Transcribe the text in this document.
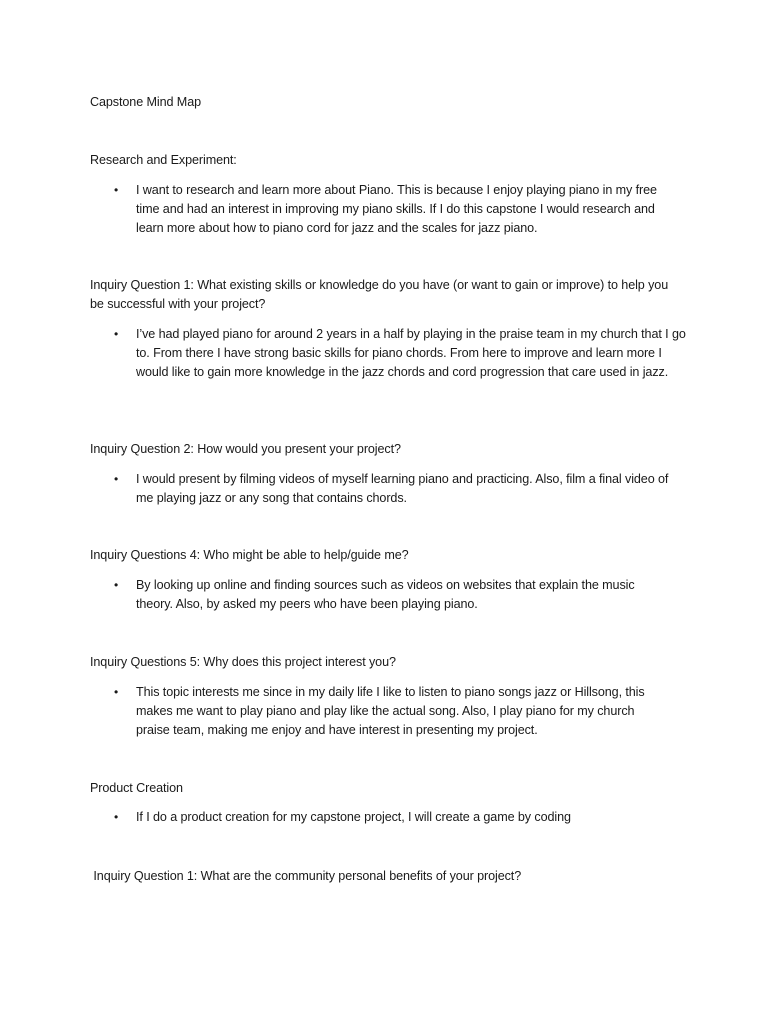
Capstone Mind Map
Research and Experiment:
• I want to research and learn more about Piano. This is because I enjoy playing piano in my free time and had an interest in improving my piano skills. If I do this capstone I would research and learn more about how to piano cord for jazz and the scales for jazz piano.
Inquiry Question 1: What existing skills or knowledge do you have (or want to gain or improve) to help you be successful with your project?
• I’ve had played piano for around 2 years in a half by playing in the praise team in my church that I go to. From there I have strong basic skills for piano chords. From here to improve and learn more I would like to gain more knowledge in the jazz chords and cord progression that care used in jazz.
Inquiry Question 2: How would you present your project?
• I would present by filming videos of myself learning piano and practicing. Also, film a final video of me playing jazz or any song that contains chords.
Inquiry Questions 4: Who might be able to help/guide me?
• By looking up online and finding sources such as videos on websites that explain the music theory. Also, by asked my peers who have been playing piano.
Inquiry Questions 5: Why does this project interest you?
• This topic interests me since in my daily life I like to listen to piano songs jazz or Hillsong, this makes me want to play piano and play like the actual song. Also, I play piano for my church praise team, making me enjoy and have interest in presenting my project.
Product Creation
• If I do a product creation for my capstone project, I will create a game by coding
Inquiry Question 1: What are the community personal benefits of your project?
